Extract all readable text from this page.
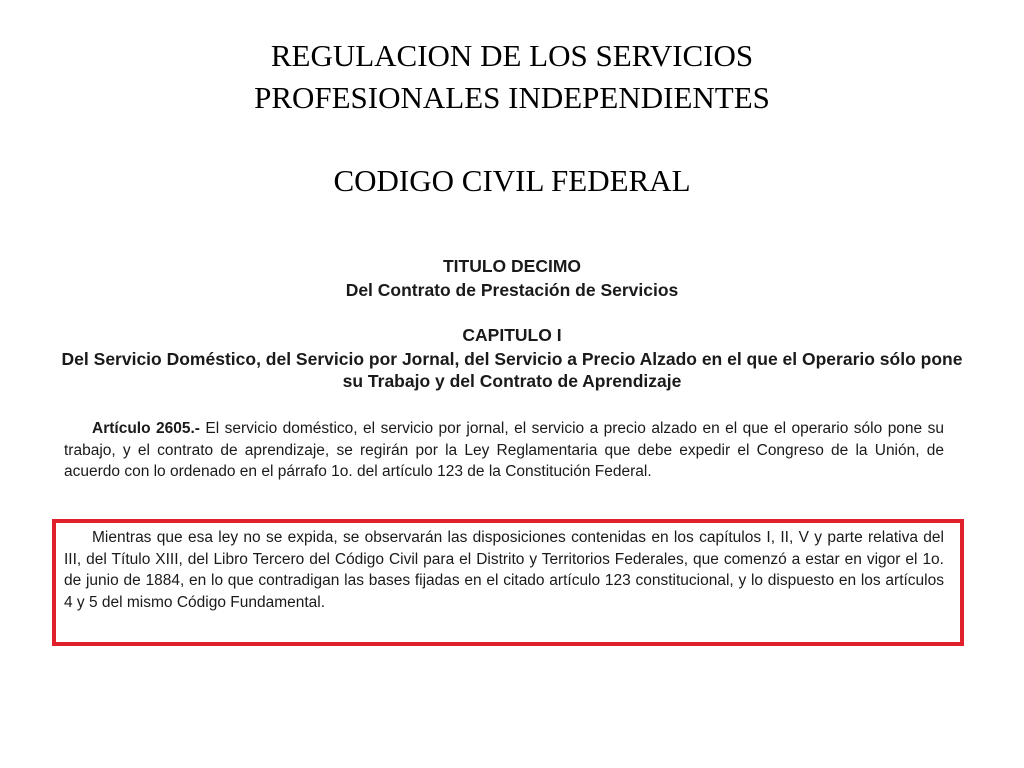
REGULACION DE LOS SERVICIOS
PROFESIONALES INDEPENDIENTES
CODIGO CIVIL FEDERAL

TITULO DECIMO

Del Contrato de Prestación de Servicios

CAPITULO I

Del Servicio Doméstico, del Servicio por Jornal, del Servicio a Precio Alzado en el que el Operario sólo pone su Trabajo y del Contrato de Aprendizaje

Artículo 2605.- El servicio doméstico, el servicio por jornal, el servicio a precio alzado en el que el operario sólo pone su trabajo, y el contrato de aprendizaje, se regirán por la Ley Reglamentaria que debe expedir el Congreso de la Unión, de acuerdo con lo ordenado en el párrafo 1o. del artículo 123 de la Constitución Federal.

Mientras que esa ley no se expida, se observarán las disposiciones contenidas en los capítulos I, II, V y parte relativa del III, del Título XIII, del Libro Tercero del Código Civil para el Distrito y Territorios Federales, que comenzó a estar en vigor el 1o. de junio de 1884, en lo que contradigan las bases fijadas en el citado artículo 123 constitucional, y lo dispuesto en los artículos 4 y 5 del mismo Código Fundamental.
